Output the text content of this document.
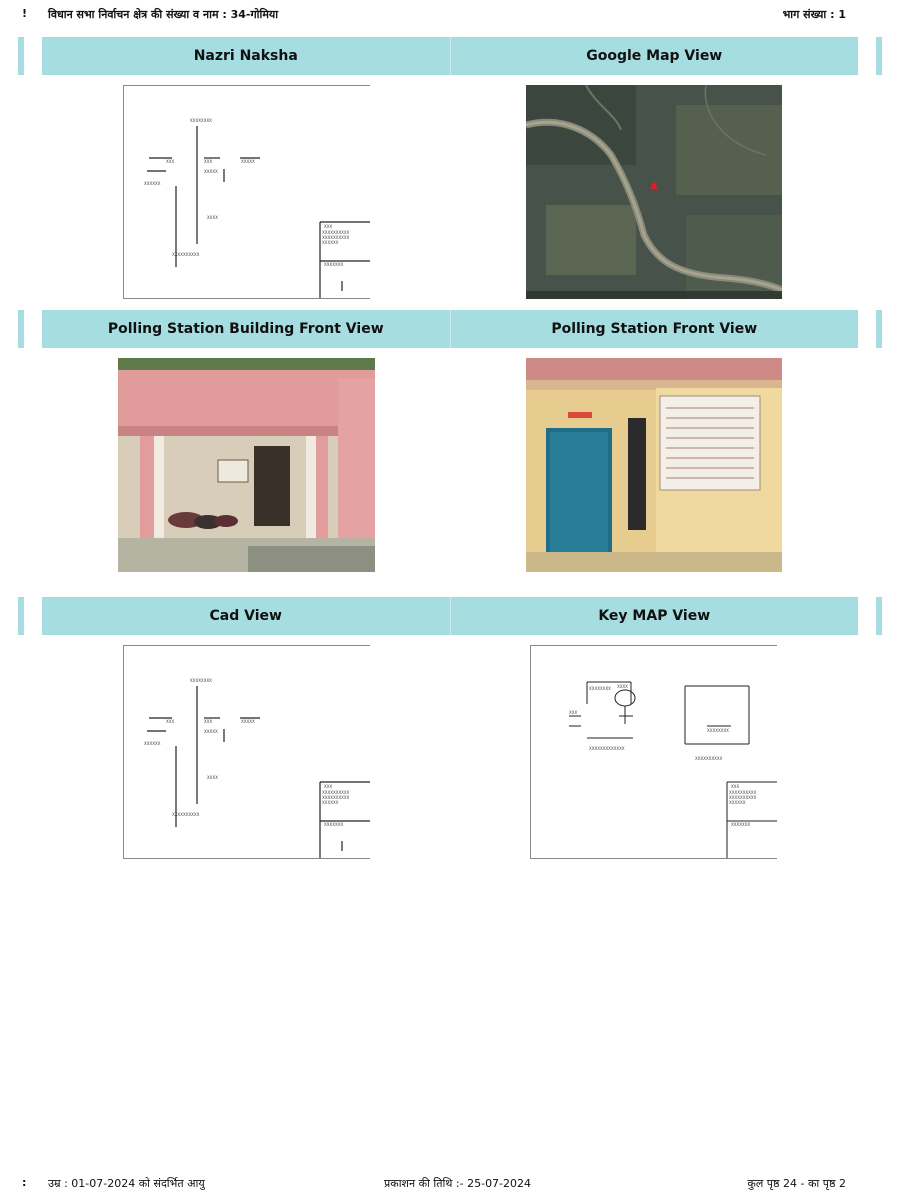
! विधान सभा निर्वाचन क्षेत्र की संख्या व नाम : 34-गोमिया	भाग संख्या : 1
Nazri Naksha	Google Map View
XXXXXXXX
XXX	XXX	XXXXX
XXXXXX
XXXXX
XXXX
XXXXXXXXXX
XXX
XXXXXXXXXX
XXXXXXXXXX
XXXXXX
XXXXXXX
Polling Station Building Front View	Polling Station Front View
Cad View	Key MAP View
XXXXXXXX
XXX	XXX	XXXXX
XXXXXX
XXXXX
XXXX
XXXXXXXXXX
XXX
XXXXXXXXXX
XXXXXXXXXX
XXXXXX
XXXXXXX
XXXXXXXX XXXX
XXX
XXXXXXXXXXXXX
XXXXXXXXXX
XXXXXXXX
XXX
XXXXXXXXXX
XXXXXXXXXX
XXXXXX
XXXXXXX
: उम्र : 01-07-2024 को संदर्भित आयु	प्रकाशन की तिथि :- 25-07-2024	कुल पृष्ठ 24 - का पृष्ठ 2
